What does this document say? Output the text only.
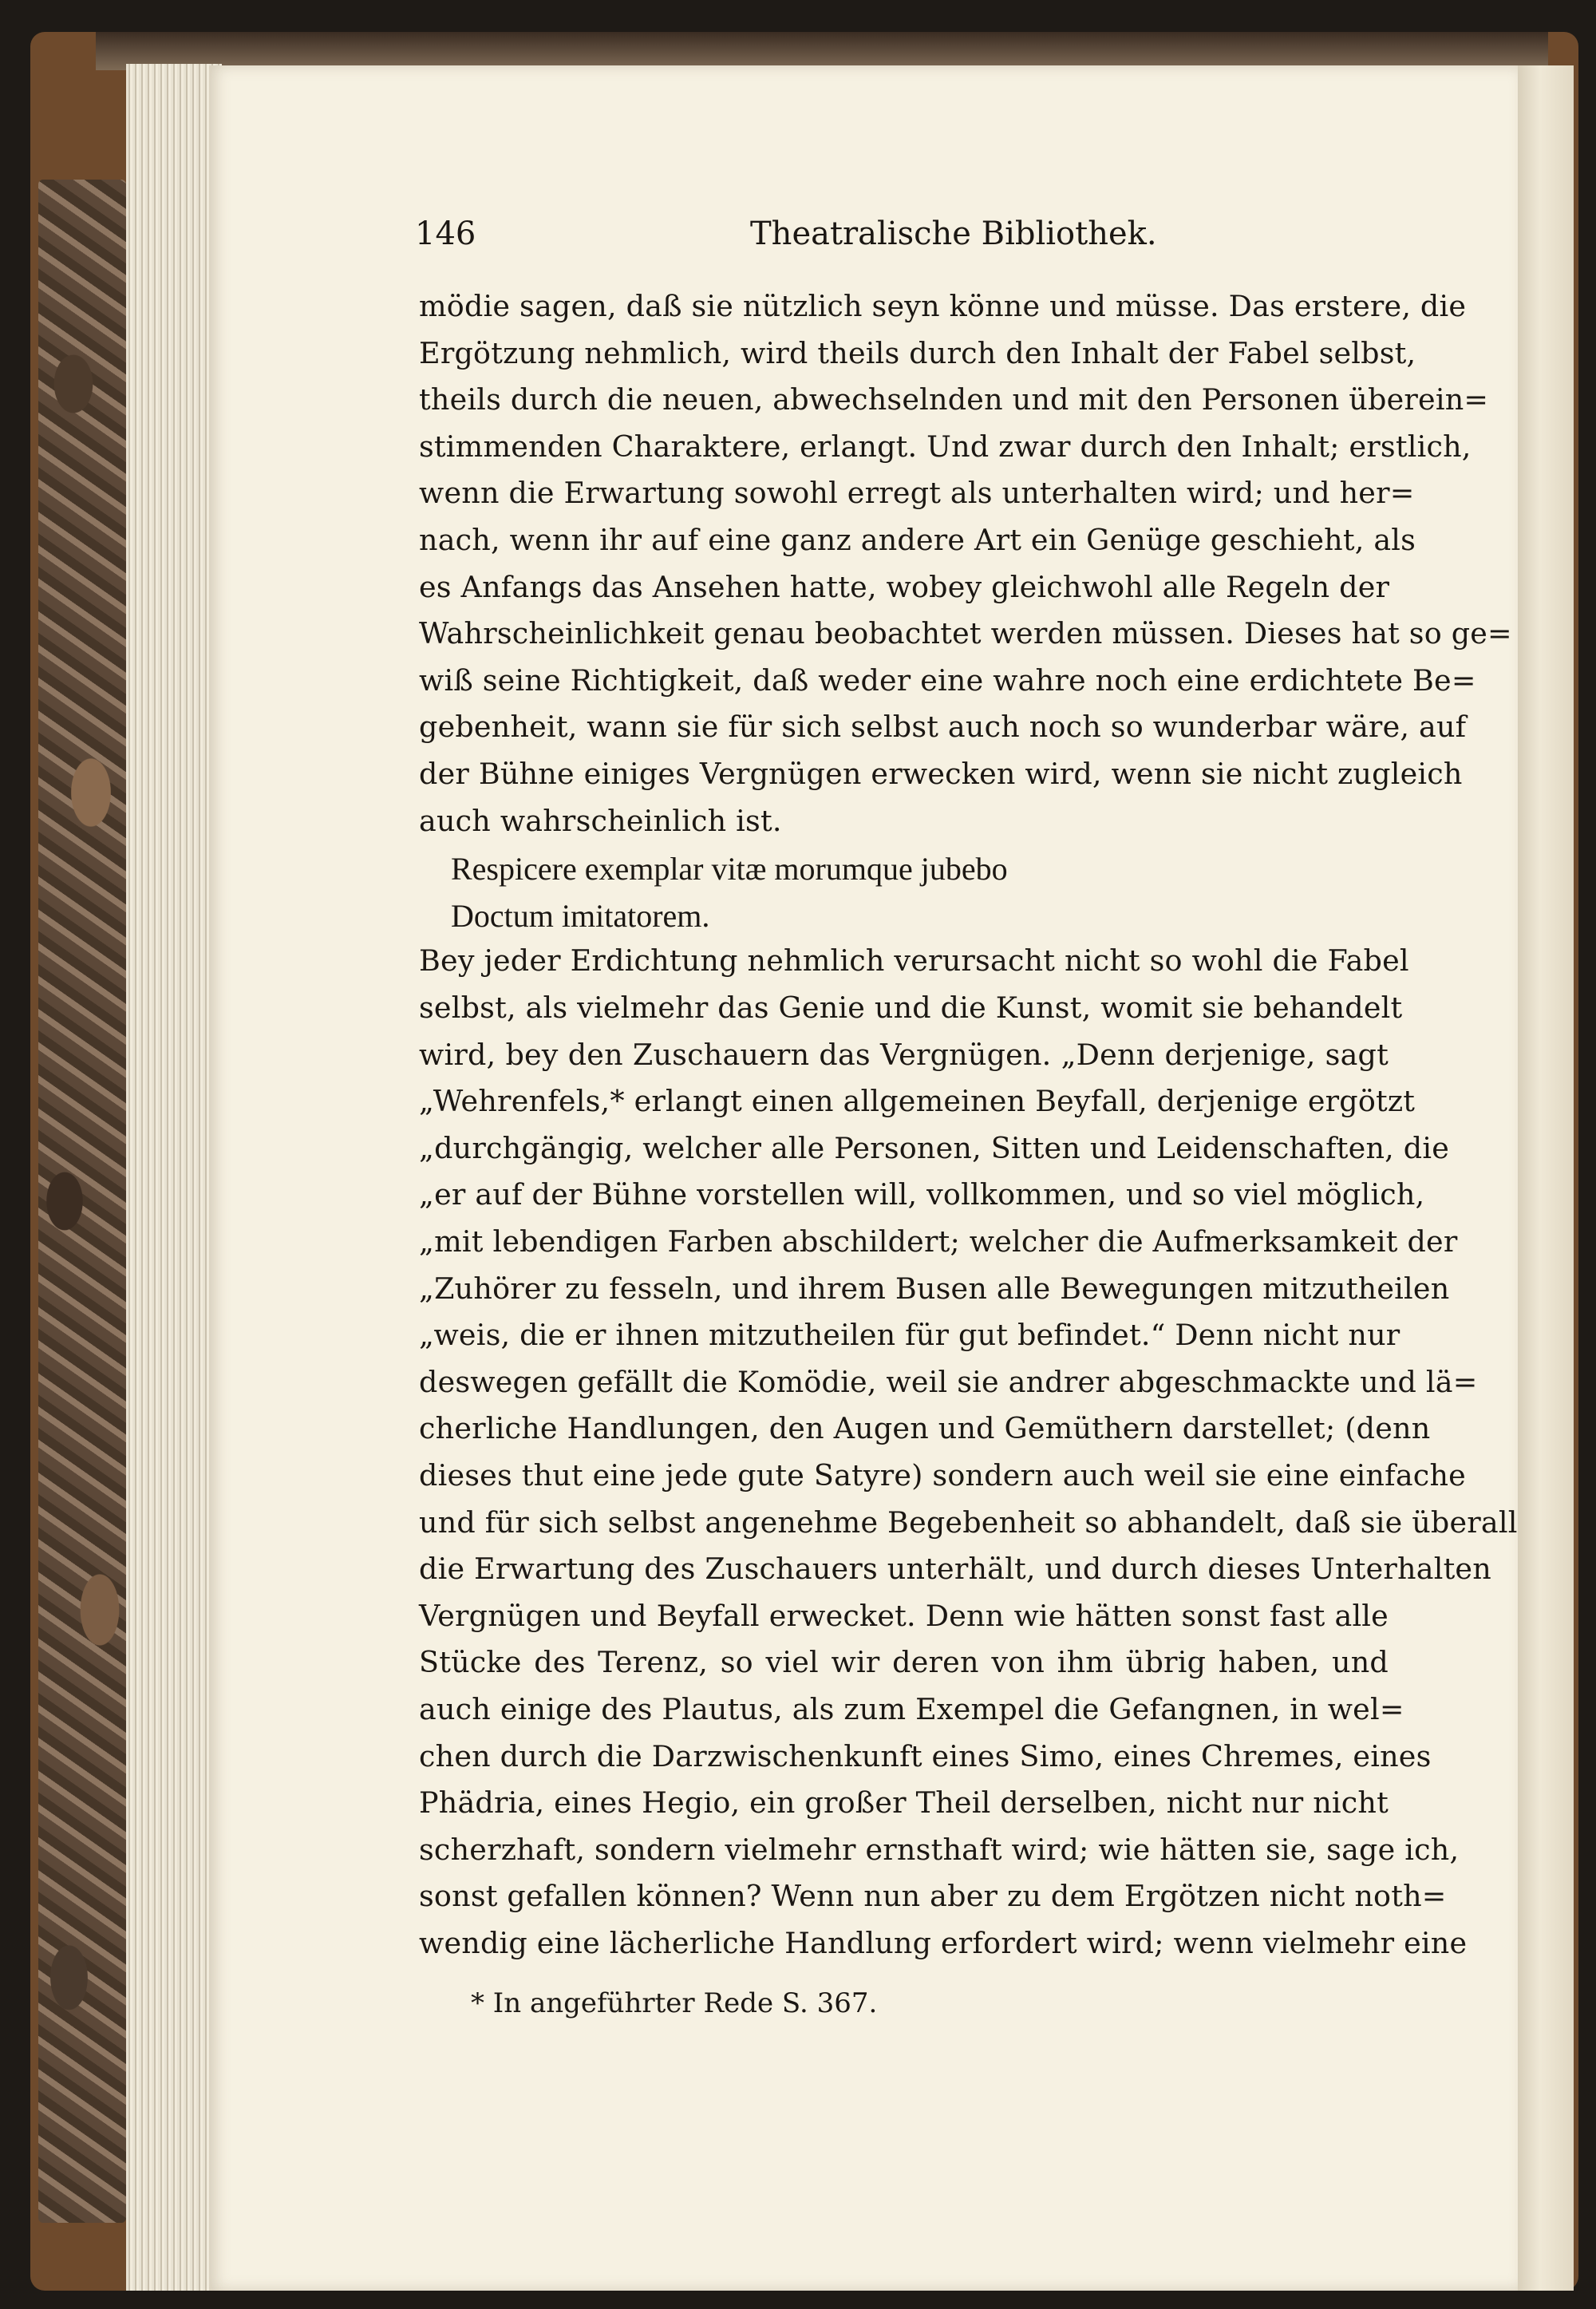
146	Theatralische Bibliothek.
mödie sagen, daß sie nützlich seyn könne und müsse. Das erstere, die
Ergötzung nehmlich, wird theils durch den Inhalt der Fabel selbst,
theils durch die neuen, abwechselnden und mit den Personen überein=
stimmenden Charaktere, erlangt. Und zwar durch den Inhalt; erstlich,
wenn die Erwartung sowohl erregt als unterhalten wird; und her=
nach, wenn ihr auf eine ganz andere Art ein Genüge geschieht, als
es Anfangs das Ansehen hatte, wobey gleichwohl alle Regeln der
Wahrscheinlichkeit genau beobachtet werden müssen. Dieses hat so ge=
wiß seine Richtigkeit, daß weder eine wahre noch eine erdichtete Be=
gebenheit, wann sie für sich selbst auch noch so wunderbar wäre, auf
der Bühne einiges Vergnügen erwecken wird, wenn sie nicht zugleich
auch wahrscheinlich ist.
Respicere exemplar vitæ morumque jubebo
Doctum imitatorem.
Bey jeder Erdichtung nehmlich verursacht nicht so wohl die Fabel
selbst, als vielmehr das Genie und die Kunst, womit sie behandelt
wird, bey den Zuschauern das Vergnügen. „Denn derjenige, sagt
„Wehrenfels,* erlangt einen allgemeinen Beyfall, derjenige ergötzt
„durchgängig, welcher alle Personen, Sitten und Leidenschaften, die
„er auf der Bühne vorstellen will, vollkommen, und so viel möglich,
„mit lebendigen Farben abschildert; welcher die Aufmerksamkeit der
„Zuhörer zu fesseln, und ihrem Busen alle Bewegungen mitzutheilen
„weis, die er ihnen mitzutheilen für gut befindet.“ Denn nicht nur
deswegen gefällt die Komödie, weil sie andrer abgeschmackte und lä=
cherliche Handlungen, den Augen und Gemüthern darstellet; (denn
dieses thut eine jede gute Satyre) sondern auch weil sie eine einfache
und für sich selbst angenehme Begebenheit so abhandelt, daß sie überall
die Erwartung des Zuschauers unterhält, und durch dieses Unterhalten
Vergnügen und Beyfall erwecket. Denn wie hätten sonst fast alle
Stücke des Terenz, so viel wir deren von ihm übrig haben, und
auch einige des Plautus, als zum Exempel die Gefangnen, in wel=
chen durch die Darzwischenkunft eines Simo, eines Chremes, eines
Phädria, eines Hegio, ein großer Theil derselben, nicht nur nicht
scherzhaft, sondern vielmehr ernsthaft wird; wie hätten sie, sage ich,
sonst gefallen können? Wenn nun aber zu dem Ergötzen nicht noth=
wendig eine lächerliche Handlung erfordert wird; wenn vielmehr eine
* In angeführter Rede S. 367.
